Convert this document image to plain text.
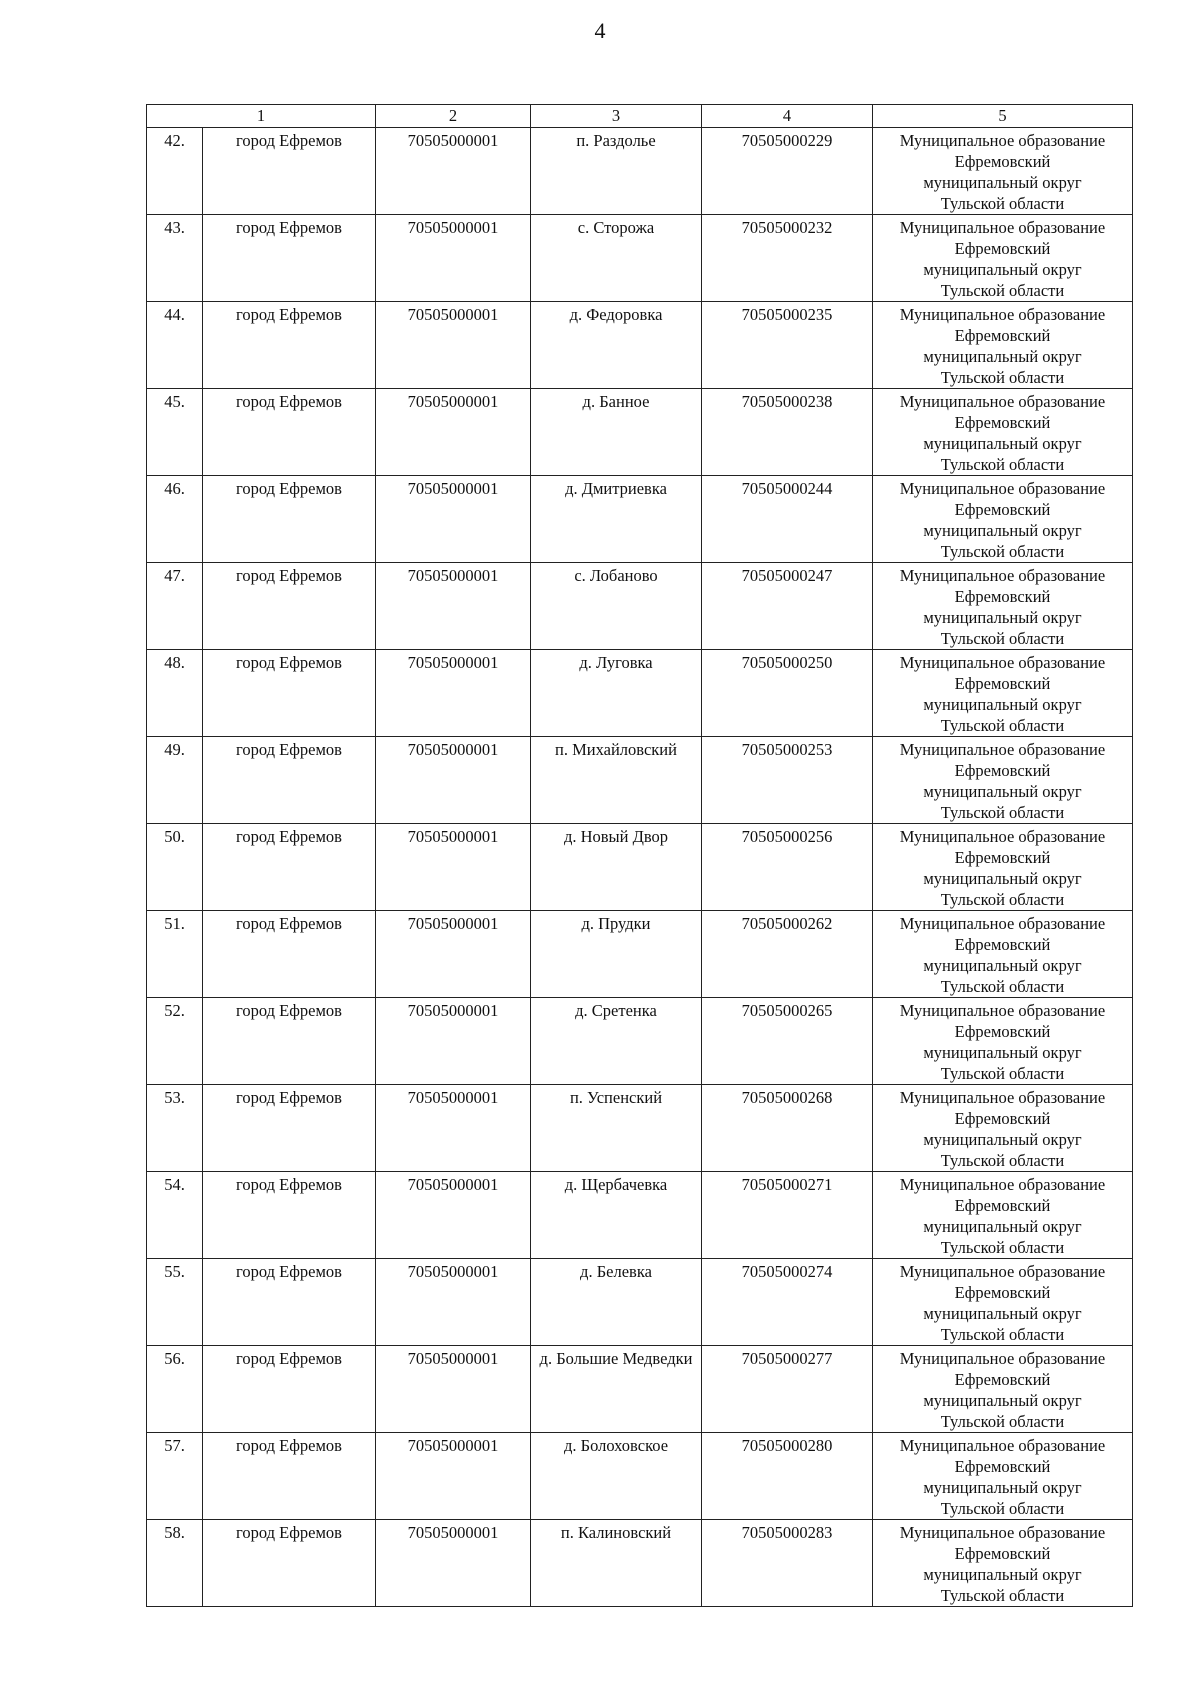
4
1		2	3	4	5
42.	город Ефремов	70505000001	п. Раздолье	70505000229	Муниципальное образование
Ефремовский
муниципальный округ
Тульской области

43.	город Ефремов	70505000001	с. Сторожа	70505000232	Муниципальное образование
Ефремовский
муниципальный округ
Тульской области

44.	город Ефремов	70505000001	д. Федоровка	70505000235	Муниципальное образование
Ефремовский
муниципальный округ
Тульской области

45.	город Ефремов	70505000001	д. Банное	70505000238	Муниципальное образование
Ефремовский
муниципальный округ
Тульской области

46.	город Ефремов	70505000001	д. Дмитриевка	70505000244	Муниципальное образование
Ефремовский
муниципальный округ
Тульской области

47.	город Ефремов	70505000001	с. Лобаново	70505000247	Муниципальное образование
Ефремовский
муниципальный округ
Тульской области

48.	город Ефремов	70505000001	д. Луговка	70505000250	Муниципальное образование
Ефремовский
муниципальный округ
Тульской области

49.	город Ефремов	70505000001	п. Михайловский	70505000253	Муниципальное образование
Ефремовский
муниципальный округ
Тульской области

50.	город Ефремов	70505000001	д. Новый Двор	70505000256	Муниципальное образование
Ефремовский
муниципальный округ
Тульской области

51.	город Ефремов	70505000001	д. Прудки	70505000262	Муниципальное образование
Ефремовский
муниципальный округ
Тульской области

52.	город Ефремов	70505000001	д. Сретенка	70505000265	Муниципальное образование
Ефремовский
муниципальный округ
Тульской области

53.	город Ефремов	70505000001	п. Успенский	70505000268	Муниципальное образование
Ефремовский
муниципальный округ
Тульской области

54.	город Ефремов	70505000001	д. Щербачевка	70505000271	Муниципальное образование
Ефремовский
муниципальный округ
Тульской области

55.	город Ефремов	70505000001	д. Белевка	70505000274	Муниципальное образование
Ефремовский
муниципальный округ
Тульской области

56.	город Ефремов	70505000001	д. Большие Медведки	70505000277	Муниципальное образование
Ефремовский
муниципальный округ
Тульской области

57.	город Ефремов	70505000001	д. Болоховское	70505000280	Муниципальное образование
Ефремовский
муниципальный округ
Тульской области

58.	город Ефремов	70505000001	п. Калиновский	70505000283	Муниципальное образование
Ефремовский
муниципальный округ
Тульской области
